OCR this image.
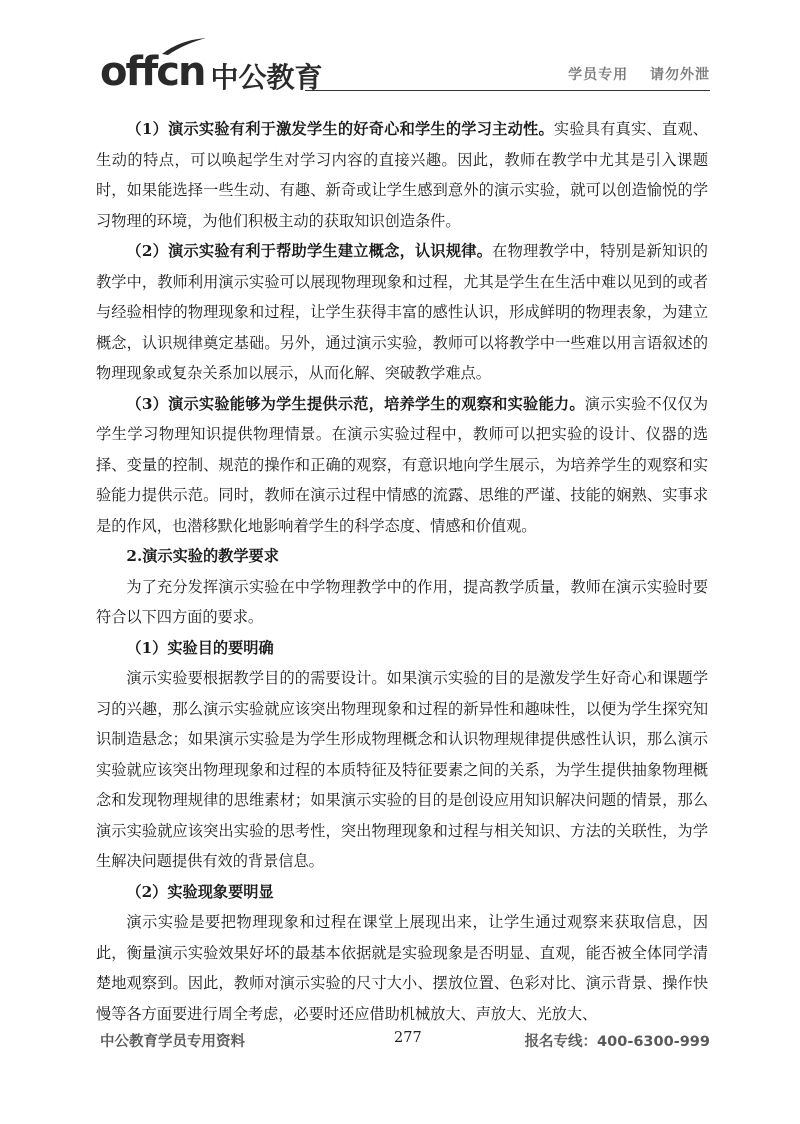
offcn 中公教育	学员专用 请勿外泄

（1）演示实验有利于激发学生的好奇心和学生的学习主动性。实验具有真实、直观、生动的特点，可以唤起学生对学习内容的直接兴趣。因此，教师在教学中尤其是引入课题时，如果能选择一些生动、有趣、新奇或让学生感到意外的演示实验，就可以创造愉悦的学习物理的环境，为他们积极主动的获取知识创造条件。

（2）演示实验有利于帮助学生建立概念，认识规律。在物理教学中，特别是新知识的教学中，教师利用演示实验可以展现物理现象和过程，尤其是学生在生活中难以见到的或者与经验相悖的物理现象和过程，让学生获得丰富的感性认识，形成鲜明的物理表象，为建立概念，认识规律奠定基础。另外，通过演示实验，教师可以将教学中一些难以用言语叙述的物理现象或复杂关系加以展示，从而化解、突破教学难点。

（3）演示实验能够为学生提供示范，培养学生的观察和实验能力。演示实验不仅仅为学生学习物理知识提供物理情景。在演示实验过程中，教师可以把实验的设计、仪器的选择、变量的控制、规范的操作和正确的观察，有意识地向学生展示，为培养学生的观察和实验能力提供示范。同时，教师在演示过程中情感的流露、思维的严谨、技能的娴熟、实事求是的作风，也潜移默化地影响着学生的科学态度、情感和价值观。

2.演示实验的教学要求

为了充分发挥演示实验在中学物理教学中的作用，提高教学质量，教师在演示实验时要符合以下四方面的要求。

（1）实验目的要明确

演示实验要根据教学目的的需要设计。如果演示实验的目的是激发学生好奇心和课题学习的兴趣，那么演示实验就应该突出物理现象和过程的新异性和趣味性，以便为学生探究知识制造悬念；如果演示实验是为学生形成物理概念和认识物理规律提供感性认识，那么演示实验就应该突出物理现象和过程的本质特征及特征要素之间的关系，为学生提供抽象物理概念和发现物理规律的思维素材；如果演示实验的目的是创设应用知识解决问题的情景，那么演示实验就应该突出实验的思考性，突出物理现象和过程与相关知识、方法的关联性，为学生解决问题提供有效的背景信息。

（2）实验现象要明显

演示实验是要把物理现象和过程在课堂上展现出来，让学生通过观察来获取信息，因此，衡量演示实验效果好坏的最基本依据就是实验现象是否明显、直观，能否被全体同学清楚地观察到。因此，教师对演示实验的尺寸大小、摆放位置、色彩对比、演示背景、操作快慢等各方面要进行周全考虑，必要时还应借助机械放大、声放大、光放大、

中公教育学员专用资料	277	报名专线：400-6300-999
